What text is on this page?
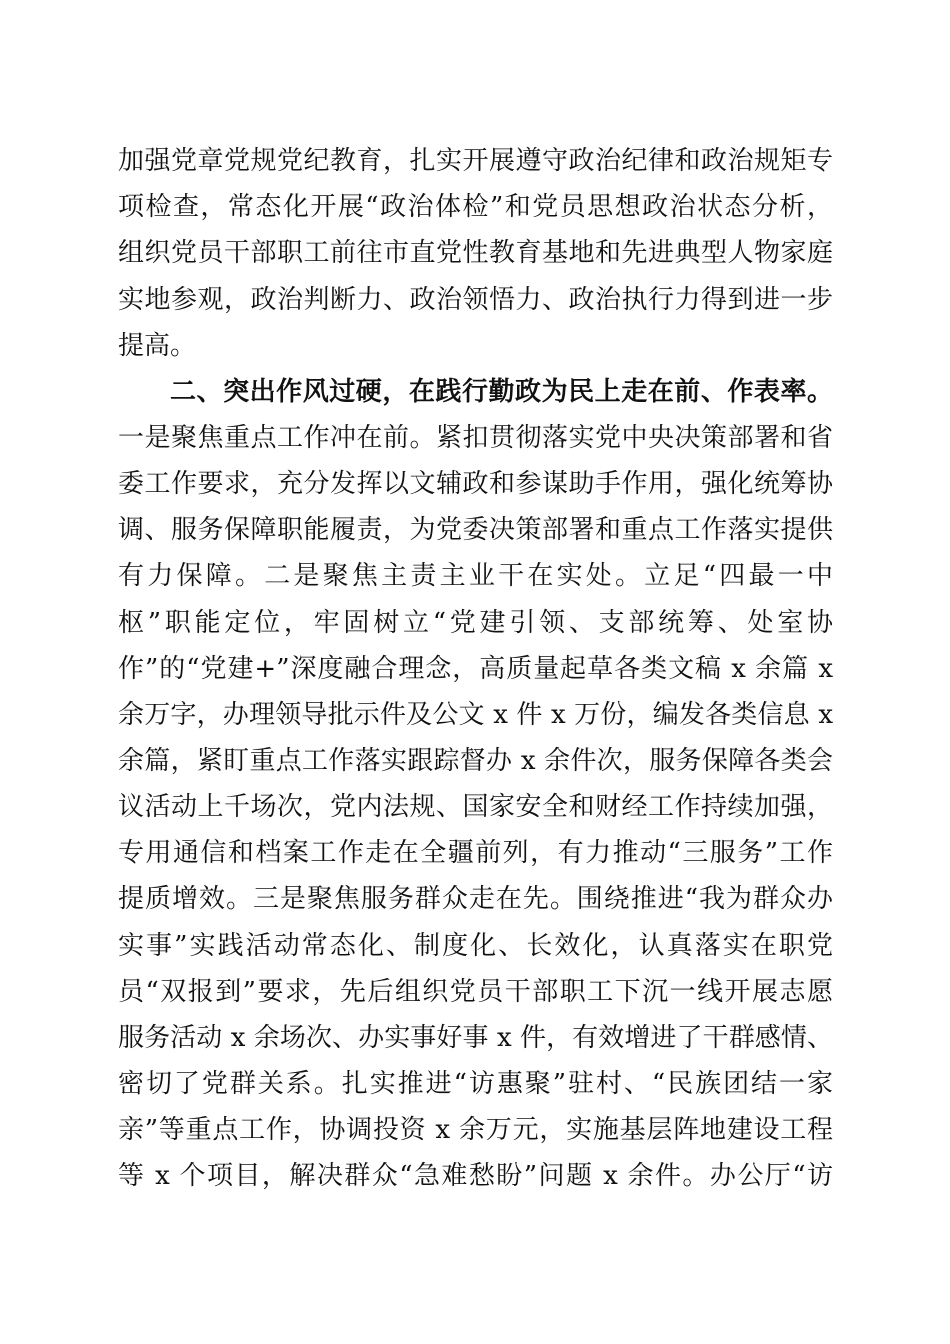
加强党章党规党纪教育，扎实开展遵守政治纪律和政治规矩专
项检查，常态化开展“政治体检”和党员思想政治状态分析，
组织党员干部职工前往市直党性教育基地和先进典型人物家庭
实地参观，政治判断力、政治领悟力、政治执行力得到进一步
提高。
二、突出作风过硬，在践行勤政为民上走在前、作表率。
一是聚焦重点工作冲在前。紧扣贯彻落实党中央决策部署和省
委工作要求，充分发挥以文辅政和参谋助手作用，强化统筹协
调、服务保障职能履责，为党委决策部署和重点工作落实提供
有力保障。二是聚焦主责主业干在实处。立足“四最一中
枢”职能定位，牢固树立“党建引领、支部统筹、处室协
作”的“党建+”深度融合理念，高质量起草各类文稿 x 余篇 x
余万字，办理领导批示件及公文 x 件 x 万份，编发各类信息 x
余篇，紧盯重点工作落实跟踪督办 x 余件次，服务保障各类会
议活动上千场次，党内法规、国家安全和财经工作持续加强，
专用通信和档案工作走在全疆前列，有力推动“三服务”工作
提质增效。三是聚焦服务群众走在先。围绕推进“我为群众办
实事”实践活动常态化、制度化、长效化，认真落实在职党
员“双报到”要求，先后组织党员干部职工下沉一线开展志愿
服务活动 x 余场次、办实事好事 x 件，有效增进了干群感情、
密切了党群关系。扎实推进“访惠聚”驻村、“民族团结一家
亲”等重点工作，协调投资 x 余万元，实施基层阵地建设工程
等 x 个项目，解决群众“急难愁盼”问题 x 余件。办公厅“访
